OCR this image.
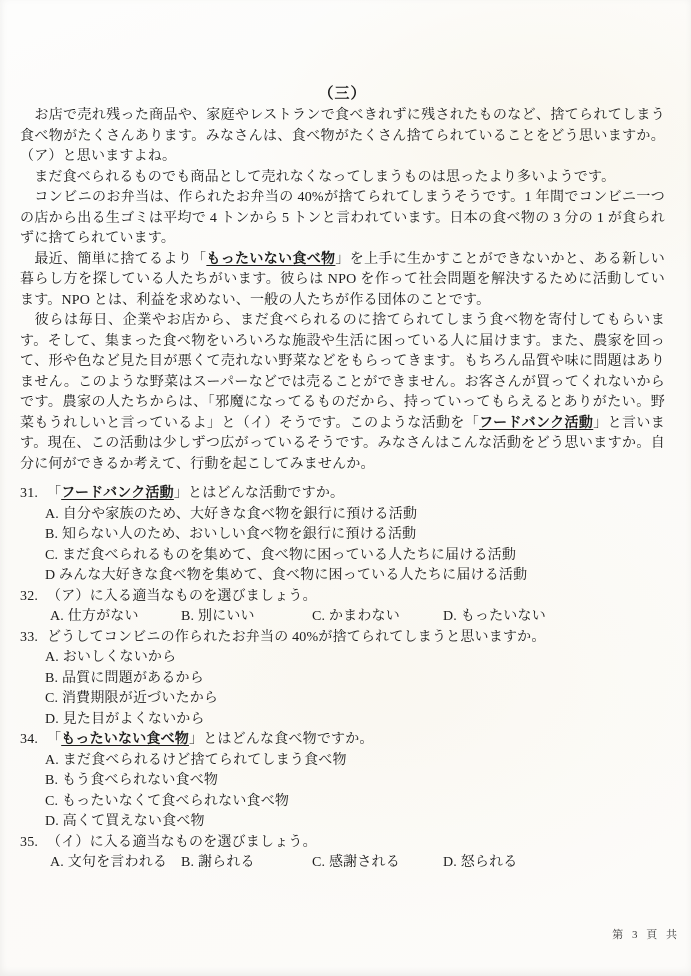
（三）

　お店で売れ残った商品や、家庭やレストランで食べきれずに残されたものなど、捨てられてしまう食べ物がたくさんあります。みなさんは、食べ物がたくさん捨てられていることをどう思いますか。（ア）と思いますよね。

　まだ食べられるものでも商品として売れなくなってしまうものは思ったより多いようです。

　コンビニのお弁当は、作られたお弁当の 40%が捨てられてしまうそうです。1 年間でコンビニ一つの店から出る生ゴミは平均で 4 トンから 5 トンと言われています。日本の食べ物の 3 分の 1 が食られずに捨てられています。

　最近、簡単に捨てるより「もったいない食べ物」を上手に生かすことができないかと、ある新しい暮らし方を探している人たちがいます。彼らは NPO を作って社会問題を解決するために活動しています。NPO とは、利益を求めない、一般の人たちが作る団体のことです。

　彼らは毎日、企業やお店から、まだ食べられるのに捨てられてしまう食べ物を寄付してもらいます。そして、集まった食べ物をいろいろな施設や生活に困っている人に届けます。また、農家を回って、形や色など見た目が悪くて売れない野菜などをもらってきます。もちろん品質や味に問題はありません。このような野菜はスーパーなどでは売ることができません。お客さんが買ってくれないからです。農家の人たちからは、「邪魔になってるものだから、持っていってもらえるとありがたい。野菜もうれしいと言っているよ」と（イ）そうです。このような活動を「フードバンク活動」と言います。現在、この活動は少しずつ広がっているそうです。みなさんはこんな活動をどう思いますか。自分に何ができるか考えて、行動を起こしてみませんか。

31. 「フードバンク活動」とはどんな活動ですか。
A. 自分や家族のため、大好きな食べ物を銀行に預ける活動
B. 知らない人のため、おいしい食べ物を銀行に預ける活動
C. まだ食べられるものを集めて、食べ物に困っている人たちに届ける活動
D みんな大好きな食べ物を集めて、食べ物に困っている人たちに届ける活動
32. （ア）に入る適当なものを選びましょう。
A. 仕方がない	B. 別にいい	C. かまわない	D. もったいない
33. どうしてコンビニの作られたお弁当の 40%が捨てられてしまうと思いますか。
A. おいしくないから
B. 品質に問題があるから
C. 消費期限が近づいたから
D. 見た目がよくないから
34. 「もったいない食べ物」とはどんな食べ物ですか。
A. まだ食べられるけど捨てられてしまう食べ物
B. もう食べられない食べ物
C. もったいなくて食べられない食べ物
D. 高くて買えない食べ物
35. （イ）に入る適当なものを選びましょう。
A. 文句を言われる B. 謝られる	C. 感謝される	D. 怒られる
第 3 頁 共
